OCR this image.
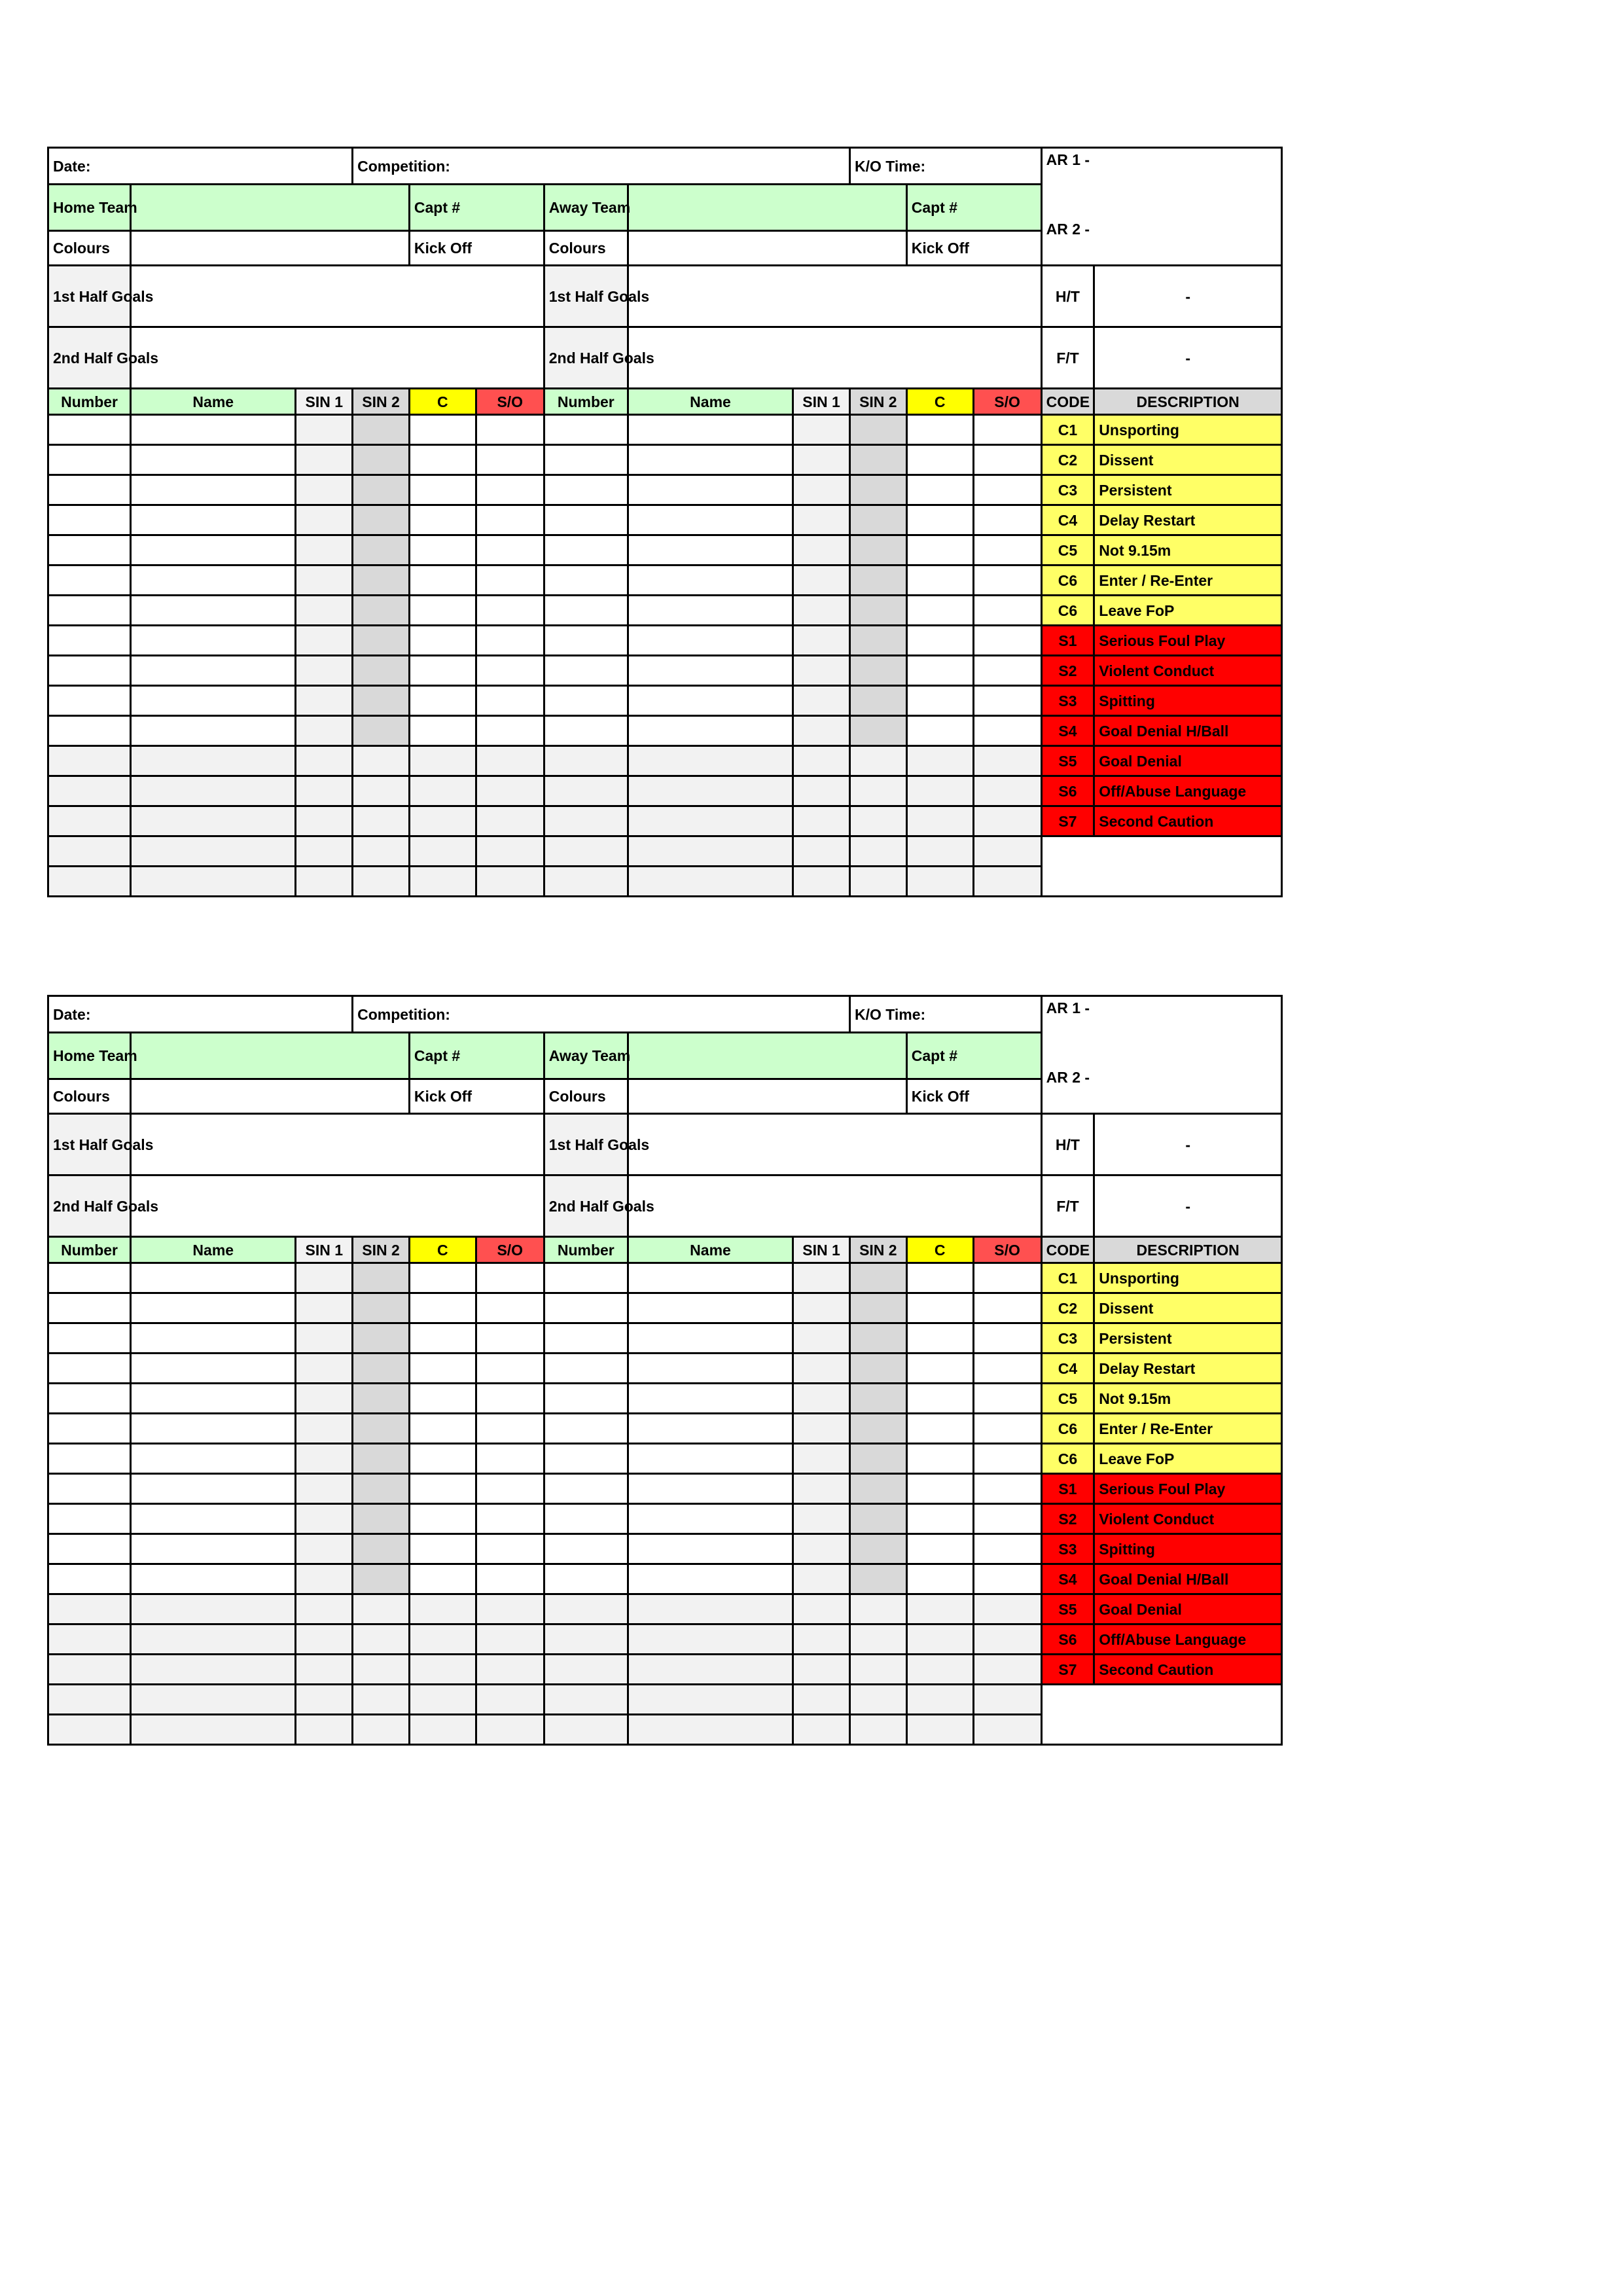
Date:			Competition:						K/O Time:			AR 1 -
AR 2 -	
Home Team				Capt #		Away Team				Capt #			
Colours				Kick Off		Colours				Kick Off			
1st Half Goals						1st Half Goals						H/T	-
2nd Half Goals						2nd Half Goals						F/T	-
Number	Name	SIN 1	SIN 2	C	S/O	Number	Name	SIN 1	SIN 2	C	S/O	CODE	DESCRIPTION
												C1	Unsporting
												C2	Dissent
												C3	Persistent
												C4	Delay Restart
												C5	Not 9.15m
												C6	Enter / Re-Enter
												C6	Leave FoP
												S1	Serious Foul Play
												S2	Violent Conduct
												S3	Spitting
												S4	Goal Denial H/Ball
												S5	Goal Denial
												S6	Off/Abuse Language
												S7	Second Caution

Date:			Competition:						K/O Time:			AR 1 -
AR 2 -	
Home Team				Capt #		Away Team				Capt #			
Colours				Kick Off		Colours				Kick Off			
1st Half Goals						1st Half Goals						H/T	-
2nd Half Goals						2nd Half Goals						F/T	-
Number	Name	SIN 1	SIN 2	C	S/O	Number	Name	SIN 1	SIN 2	C	S/O	CODE	DESCRIPTION
												C1	Unsporting
												C2	Dissent
												C3	Persistent
												C4	Delay Restart
												C5	Not 9.15m
												C6	Enter / Re-Enter
												C6	Leave FoP
												S1	Serious Foul Play
												S2	Violent Conduct
												S3	Spitting
												S4	Goal Denial H/Ball
												S5	Goal Denial
												S6	Off/Abuse Language
												S7	Second Caution
